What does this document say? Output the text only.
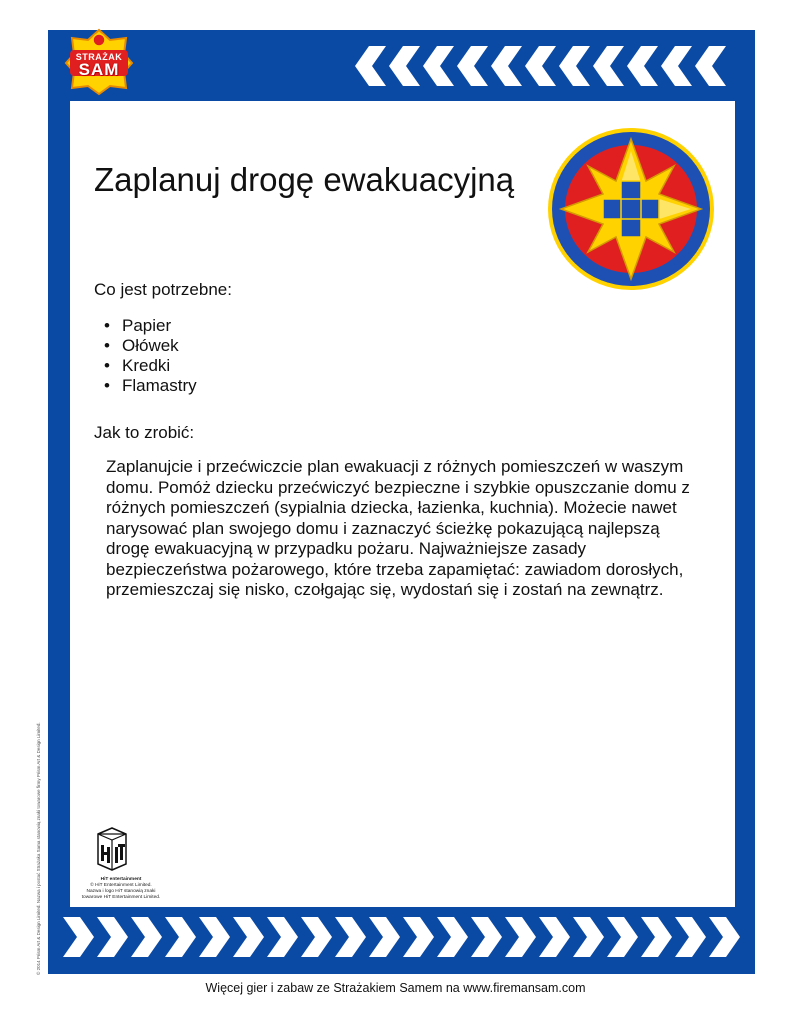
STRAŻAK
SAM
Zaplanuj drogę ewakuacyjną

Co jest potrzebne:

• Papier
• Ołówek
• Kredki
• Flamastry

Jak to zrobić:

Zaplanujcie i przećwiczcie plan ewakuacji z różnych pomieszczeń w waszym domu. Pomóż dziecku przećwiczyć bezpieczne i szybkie opuszczanie domu z różnych pomieszczeń (sypialnia dziecka, łazienka, kuchnia). Możecie nawet narysować plan swojego domu i zaznaczyć ścieżkę pokazującą najlepszą drogę ewakuacyjną w przypadku pożaru. Najważniejsze zasady bezpieczeństwa pożarowego, które trzeba zapamiętać: zawiadom dorosłych, przemieszczaj się nisko, czołgając się, wydostań się i zostań na zewnątrz.

HiT entertainment
© HiT Entertainment Limited.
Nazwa i logo HiT stanowią znaki
towarowe HiT Entertainment Limited.
© 2014 Prism Art & Design Limited. Nazwa i postać Strażaka Sama stanowią znaki towarowe firmy Prism Art & Design Limited.
Więcej gier i zabaw ze Strażakiem Samem na www.firemansam.com
